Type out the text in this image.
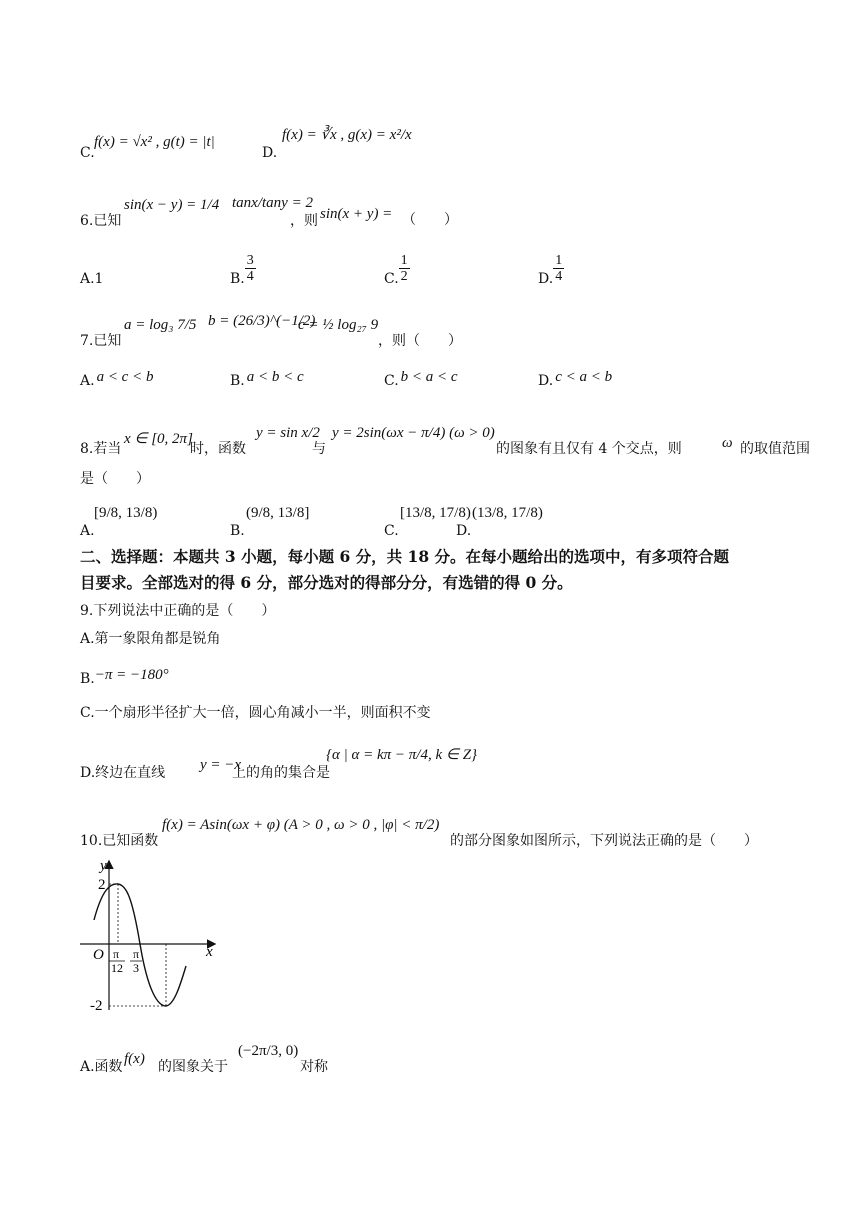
C.
f(x) = √x² , g(t) = |t|
D.
f(x) = ∛x , g(x) = x²/x
6.已知
sin(x − y) = 1/4 tanx/tany = 2
，则 sin(x + y) = （　　）
A.1	B. $\frac{3}{4}$	C. $\frac{1}{2}$	D. $\frac{1}{4}$
7.已知
a = log₃ 7/5 b = (26/3)^(−1/2)
c = ½ log₂₇ 9
，则（　　）
A. a < c < b	B. a < b < c	C. b < a < c	D. c < a < b
8.若当
x ∈ [0, 2π]
时，函数
y = sin x/2
与
y = 2sin(ωx − π/4) (ω > 0)
的图象有且仅有 4 个交点，则	ω 的取值范围
是（　　）
A.
[9/8, 13/8)
B.
(9/8, 13/8]
C.
[13/8, 17/8)
D.
(13/8, 17/8)
二、选择题：本题共 3 小题，每小题 6 分，共 18 分。在每小题给出的选项中，有多项符合题
目要求。全部选对的得 6 分，部分选对的得部分分，有选错的得 0 分。
9.下列说法中正确的是（　　）
A.第一象限角都是锐角
B.−π = −180°
C.一个扇形半径扩大一倍，圆心角减小一半，则面积不变
D.终边在直线 y = −x
上的角的集合是
{α | α = kπ − π/4, k ∈ Z}
10.已知函数
f(x) = Asin(ωx + φ) (A > 0 , ω > 0 , |φ| < π/2)
的部分图象如图所示，下列说法正确的是（　　）
y
x
O
2
-2
π
12
π
3
A.函数 f(x) 的图象关于
(−2π/3, 0)
对称
